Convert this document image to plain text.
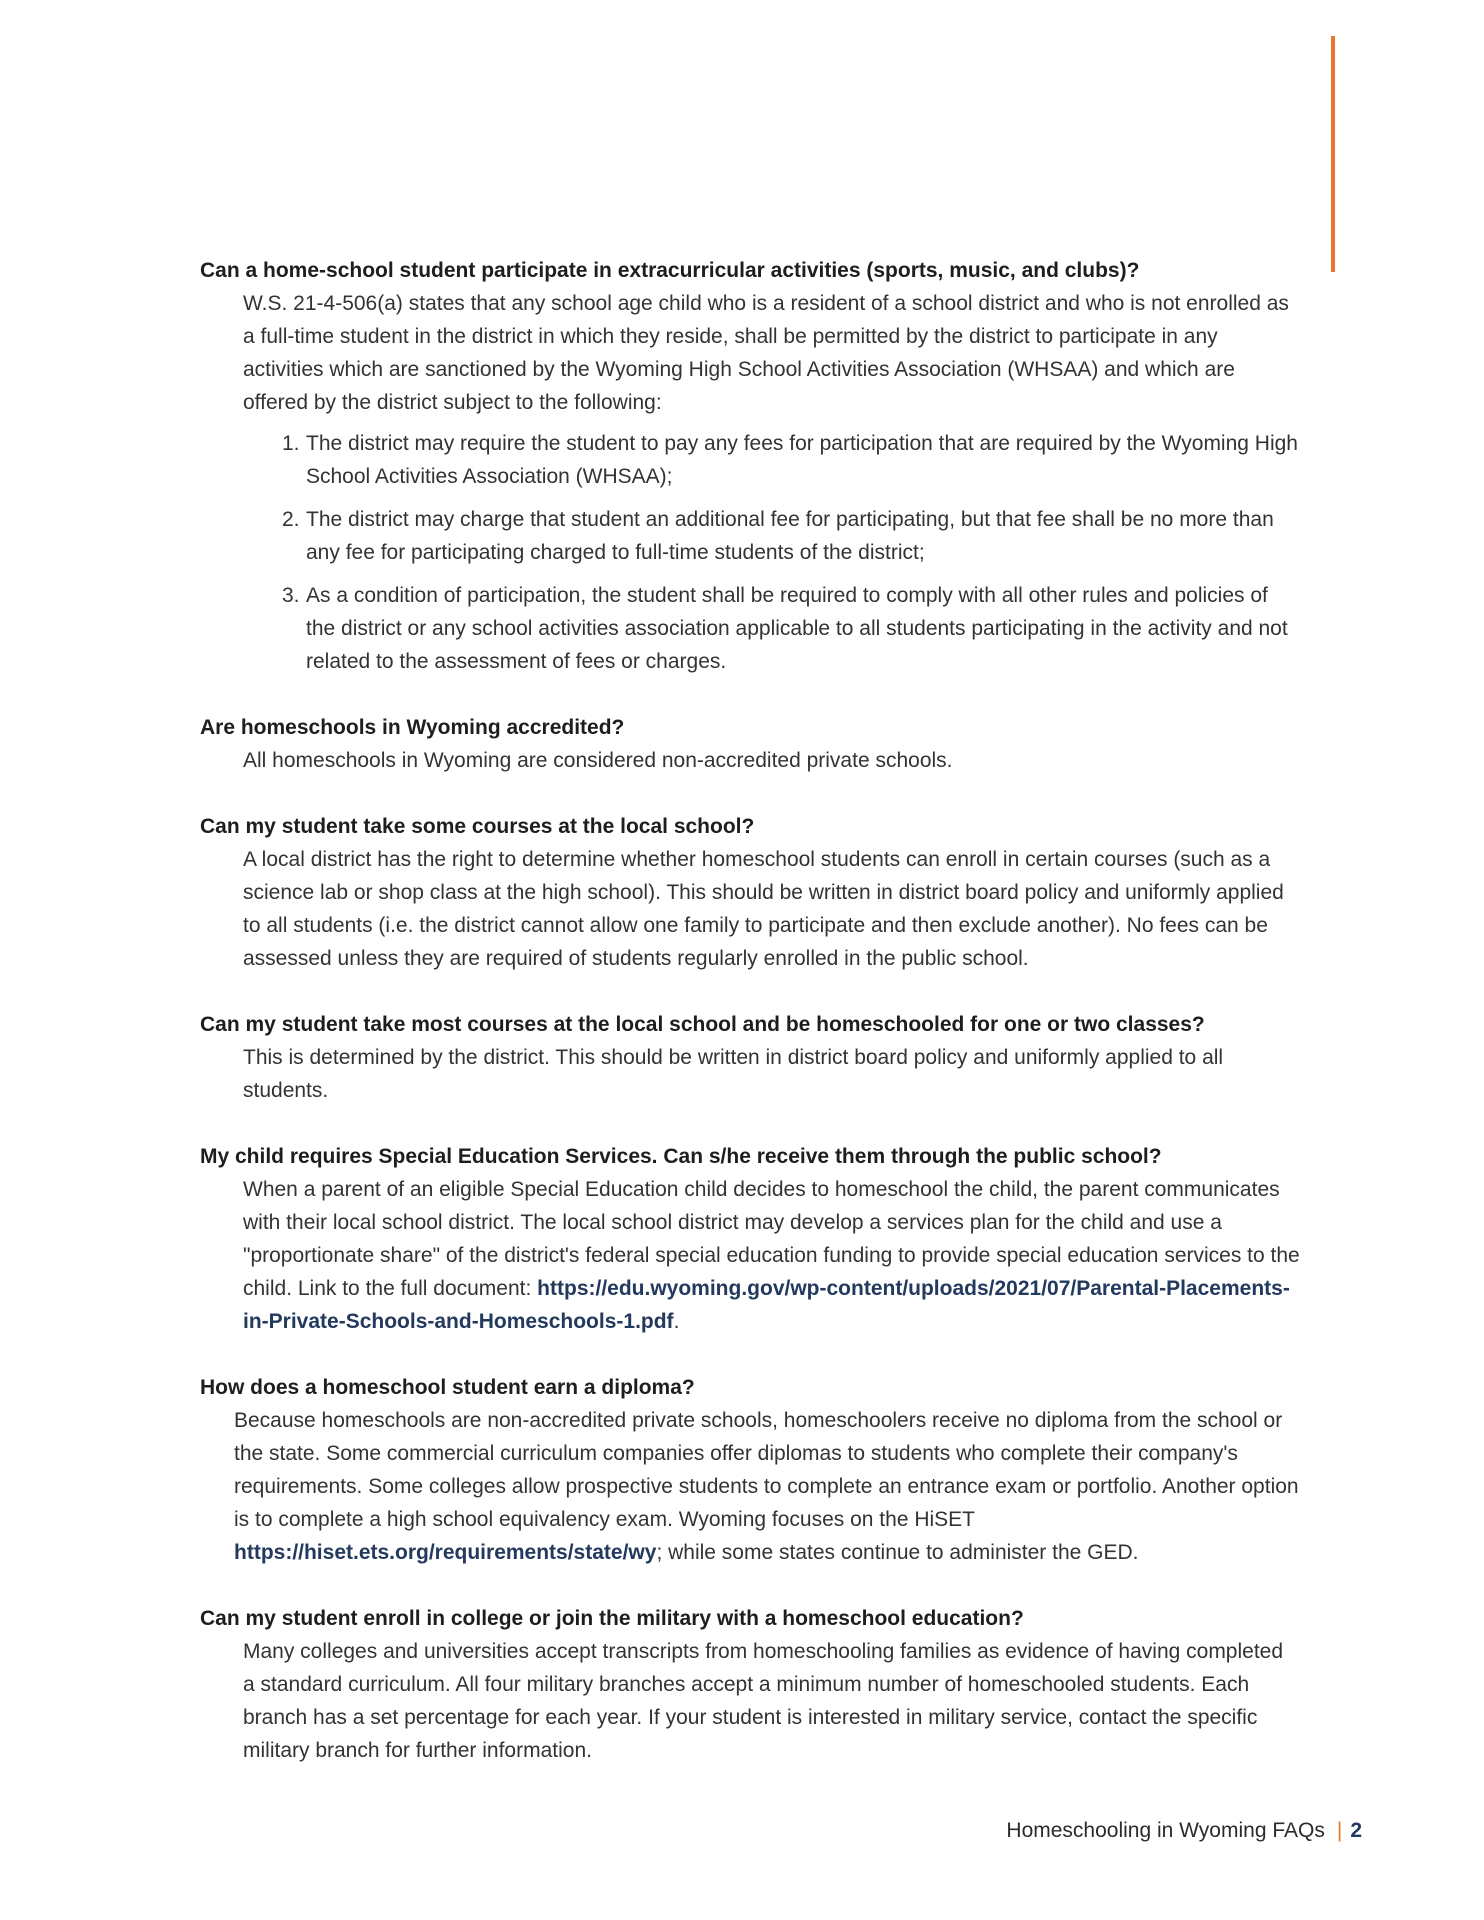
Can a home-school student participate in extracurricular activities (sports, music, and clubs)?

W.S. 21-4-506(a) states that any school age child who is a resident of a school district and who is not enrolled as a full-time student in the district in which they reside, shall be permitted by the district to participate in any activities which are sanctioned by the Wyoming High School Activities Association (WHSAA) and which are offered by the district subject to the following:

1. The district may require the student to pay any fees for participation that are required by the Wyoming High School Activities Association (WHSAA);
2. The district may charge that student an additional fee for participating, but that fee shall be no more than any fee for participating charged to full-time students of the district;
3. As a condition of participation, the student shall be required to comply with all other rules and policies of the district or any school activities association applicable to all students participating in the activity and not related to the assessment of fees or charges.

Are homeschools in Wyoming accredited?

All homeschools in Wyoming are considered non-accredited private schools.

Can my student take some courses at the local school?

A local district has the right to determine whether homeschool students can enroll in certain courses (such as a science lab or shop class at the high school). This should be written in district board policy and uniformly applied to all students (i.e. the district cannot allow one family to participate and then exclude another). No fees can be assessed unless they are required of students regularly enrolled in the public school.

Can my student take most courses at the local school and be homeschooled for one or two classes?

This is determined by the district. This should be written in district board policy and uniformly applied to all students.

My child requires Special Education Services. Can s/he receive them through the public school?

When a parent of an eligible Special Education child decides to homeschool the child, the parent communicates with their local school district. The local school district may develop a services plan for the child and use a "proportionate share" of the district's federal special education funding to provide special education services to the child. Link to the full document: https://edu.wyoming.gov/wp-content/uploads/2021/07/Parental-Placements-in-Private-Schools-and-Homeschools-1.pdf.

How does a homeschool student earn a diploma?

Because homeschools are non-accredited private schools, homeschoolers receive no diploma from the school or the state. Some commercial curriculum companies offer diplomas to students who complete their company's requirements. Some colleges allow prospective students to complete an entrance exam or portfolio. Another option is to complete a high school equivalency exam. Wyoming focuses on the HiSET https://hiset.ets.org/requirements/state/wy; while some states continue to administer the GED.

Can my student enroll in college or join the military with a homeschool education?

Many colleges and universities accept transcripts from homeschooling families as evidence of having completed a standard curriculum. All four military branches accept a minimum number of homeschooled students. Each branch has a set percentage for each year. If your student is interested in military service, contact the specific military branch for further information.

Homeschooling in Wyoming FAQs | 2
